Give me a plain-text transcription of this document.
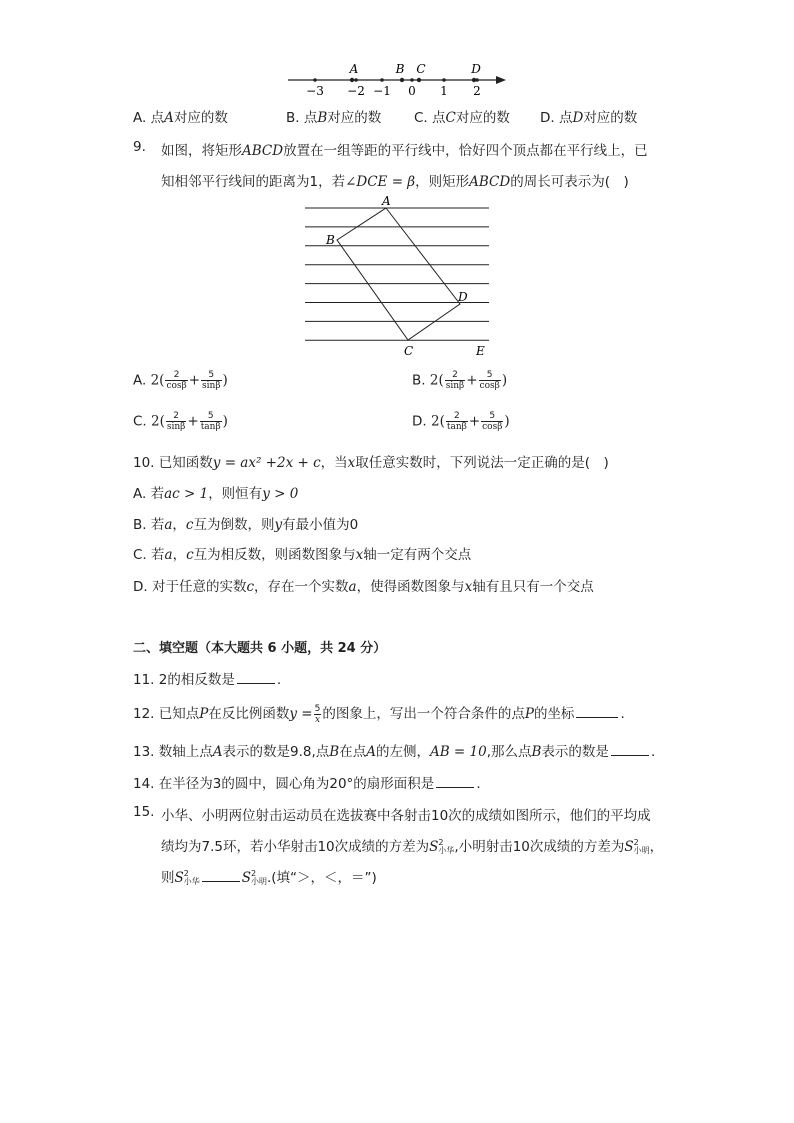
−3 −2 −1 0 1 2
A	B C	D
A. 点A对应的数	B. 点B对应的数 C. 点C对应的数 D. 点D对应的数
9. 如图，将矩形ABCD放置在一组等距的平行线中，恰好四个顶点都在平行线上，已
知相邻平行线间的距离为1，若∠DCE = β，则矩形ABCD的周长可表示为(　)
A
B
C
D
E
A. $2( \frac{2}{\cos\beta} + \frac{5}{\sin\beta}$ )	B. $2( \frac{2}{\sin\beta} + \frac{5}{\cos\beta}$ )
C. $2( \frac{2}{\sin\beta} + \frac{5}{\tan\beta}$ )	D. $2( \frac{2}{\tan\beta} + \frac{5}{\cos\beta}$ )
10. 已知函数y = ax² +2x + c，当x取任意实数时，下列说法一定正确的是(　)
A. 若ac > 1，则恒有y > 0
B. 若a，c互为倒数，则y有最小值为0
C. 若a，c互为相反数，则函数图象与x轴一定有两个交点
D. 对于任意的实数c，存在一个实数a，使得函数图象与x轴有且只有一个交点
二、填空题（本大题共 6 小题，共 24 分）
11. 2的相反数是	.
12. 已知点P在反比例函数$y = \frac{5}{x}$ 的图象上，写出一个符合条件的点P的坐标	.
13. 数轴上点A表示的数是9.8,点B在点A的左侧，AB = 10,那么点B表示的数是	.
14. 在半径为3的圆中，圆心角为20°的扇形面积是	.
15. 小华、小明两位射击运动员在选拔赛中各射击10次的成绩如图所示，他们的平均成
绩均为7.5环，若小华射击10次成绩的方差为S 2
小华 ,小明射击10次成绩的方差为S 2
小明 ，
则S 2
小华	S 2
小明 .(填“＞，＜，＝”)
